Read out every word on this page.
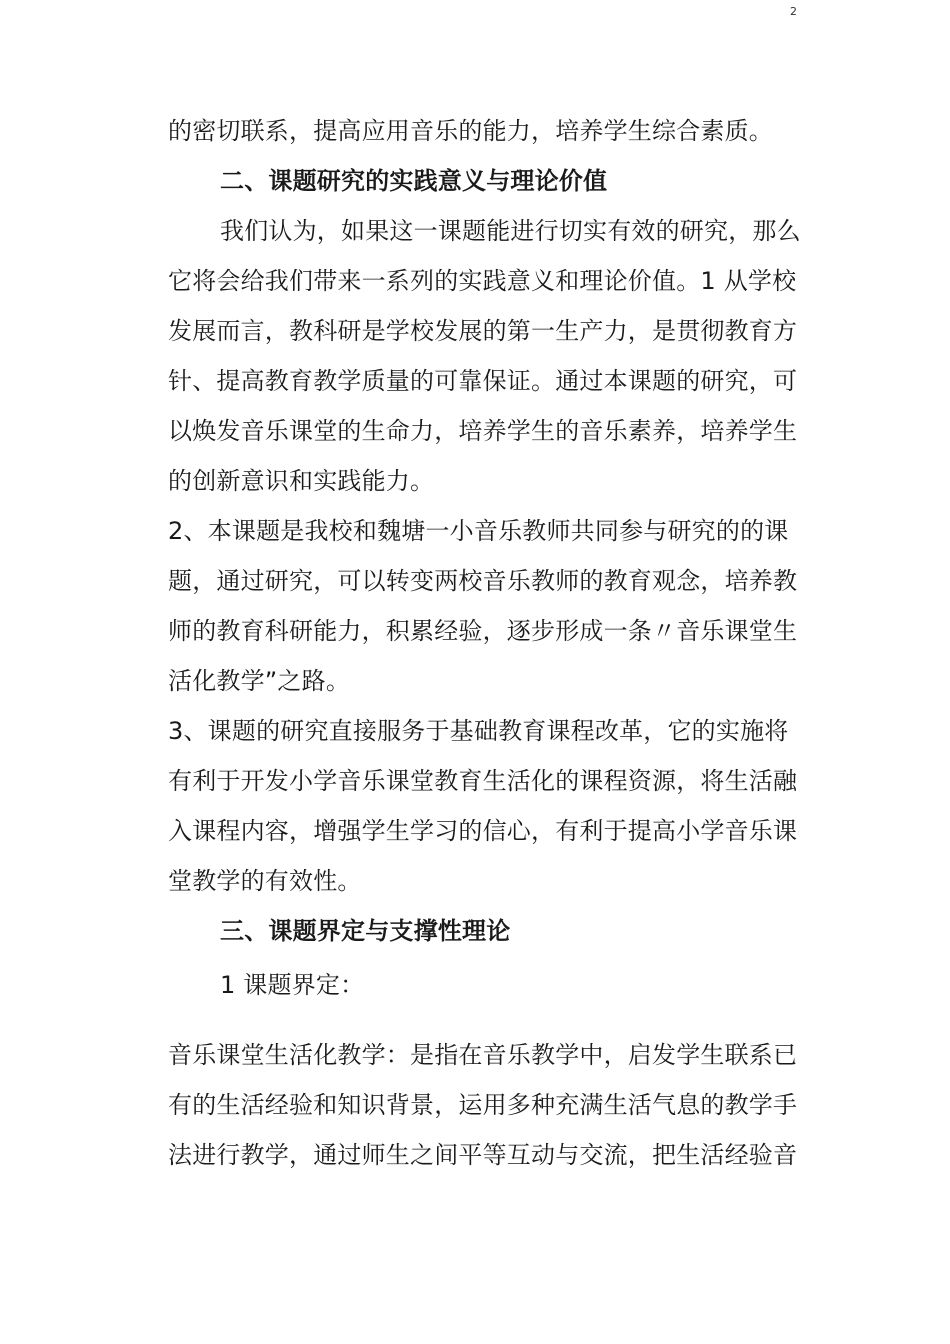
2
的密切联系，提高应用音乐的能力，培养学生综合素质。
二、课题研究的实践意义与理论价值
我们认为，如果这一课题能进行切实有效的研究，那么
它将会给我们带来一系列的实践意义和理论价值。1 从学校
发展而言，教科研是学校发展的第一生产力，是贯彻教育方
针、提高教育教学质量的可靠保证。通过本课题的研究，可
以焕发音乐课堂的生命力，培养学生的音乐素养，培养学生
的创新意识和实践能力。
2、本课题是我校和魏塘一小音乐教师共同参与研究的的课
题，通过研究，可以转变两校音乐教师的教育观念，培养教
师的教育科研能力，积累经验，逐步形成一条〃音乐课堂生
活化教学”之路。
3、课题的研究直接服务于基础教育课程改革，它的实施将
有利于开发小学音乐课堂教育生活化的课程资源，将生活融
入课程内容，增强学生学习的信心，有利于提高小学音乐课
堂教学的有效性。
三、课题界定与支撑性理论
1 课题界定：
音乐课堂生活化教学：是指在音乐教学中，启发学生联系已
有的生活经验和知识背景，运用多种充满生活气息的教学手
法进行教学，通过师生之间平等互动与交流，把生活经验音
